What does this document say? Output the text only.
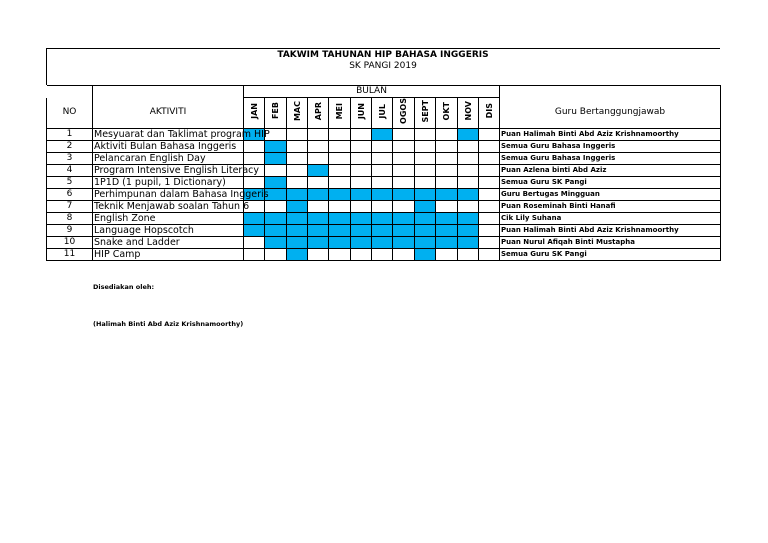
TAKWIM TAHUNAN HIP BAHASA INGGERIS
SK PANGI 2019
		BULAN												
NO	AKTIVITI	JAN	FEB	MAC	APR	MEI	JUN	JUL	OGOS	SEPT	OKT	NOV	DIS	Guru Bertanggungjawab
1	Mesyuarat dan Taklimat program HIP													Puan Halimah Binti Abd Aziz Krishnamoorthy
2	Aktiviti Bulan Bahasa Inggeris													Semua Guru Bahasa Inggeris
3	Pelancaran English Day													Semua Guru Bahasa Inggeris
4	Program Intensive English Literacy													Puan Azlena binti Abd Aziz
5	1P1D (1 pupil, 1 Dictionary)													Semua Guru SK Pangi
6	Perhimpunan dalam Bahasa Inggeris													Guru Bertugas Mingguan
7	Teknik Menjawab soalan Tahun 6													Puan Roseminah Binti Hanafi
8	English Zone													Cik Lily Suhana
9	Language Hopscotch													Puan Halimah Binti Abd Aziz Krishnamoorthy
10	Snake and Ladder													Puan Nurul Afiqah Binti Mustapha
11	HIP Camp													Semua Guru SK Pangi
Disediakan oleh:
(Halimah Binti Abd Aziz Krishnamoorthy)
